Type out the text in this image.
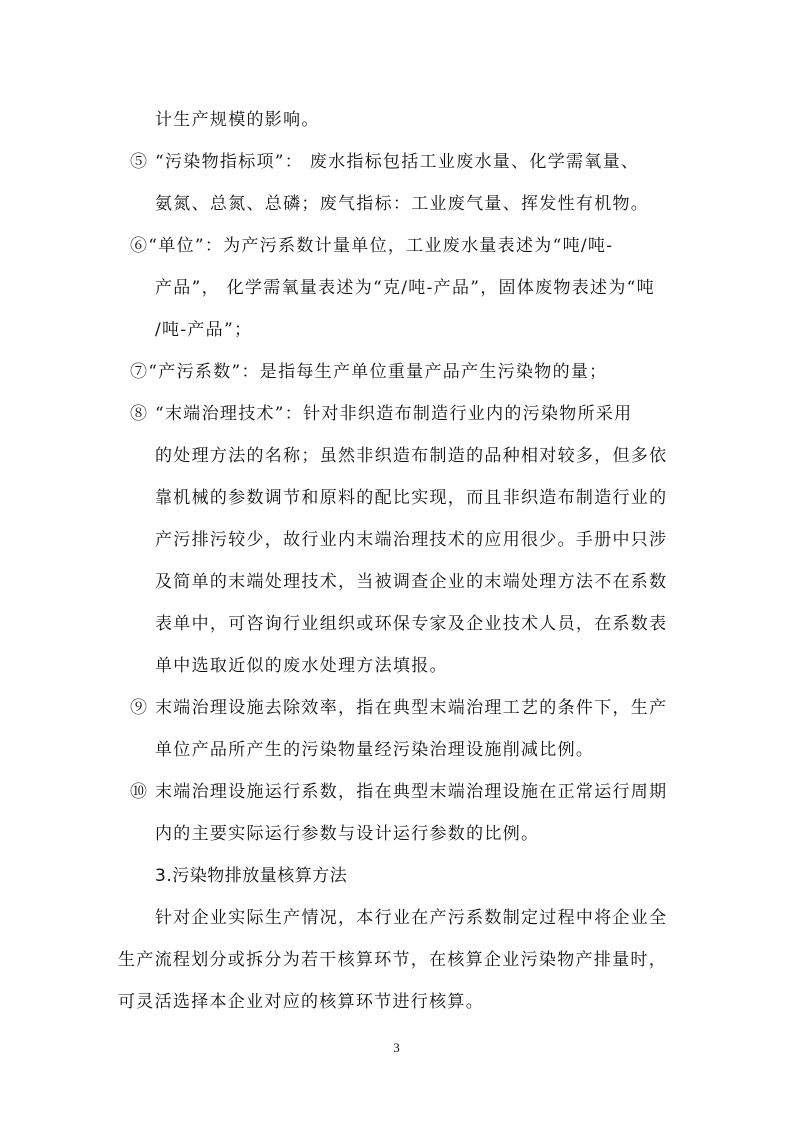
计生产规模的影响。
⑤ “污染物指标项”： 废水指标包括工业废水量、化学需氧量、
氨氮、总氮、总磷；废气指标：工业废气量、挥发性有机物。
⑥“单位”：为产污系数计量单位，工业废水量表述为“吨/吨-
产品”， 化学需氧量表述为“克/吨-产品”，固体废物表述为“吨
/吨-产品”；
⑦“产污系数”：是指每生产单位重量产品产生污染物的量；
⑧ “末端治理技术”：针对非织造布制造行业内的污染物所采用
的处理方法的名称；虽然非织造布制造的品种相对较多，但多依
靠机械的参数调节和原料的配比实现，而且非织造布制造行业的
产污排污较少，故行业内末端治理技术的应用很少。手册中只涉
及简单的末端处理技术，当被调查企业的末端处理方法不在系数
表单中，可咨询行业组织或环保专家及企业技术人员，在系数表
单中选取近似的废水处理方法填报。
⑨ 末端治理设施去除效率，指在典型末端治理工艺的条件下，生产
单位产品所产生的污染物量经污染治理设施削减比例。
⑩ 末端治理设施运行系数，指在典型末端治理设施在正常运行周期
内的主要实际运行参数与设计运行参数的比例。
3.污染物排放量核算方法
针对企业实际生产情况，本行业在产污系数制定过程中将企业全
生产流程划分或拆分为若干核算环节，在核算企业污染物产排量时，
可灵活选择本企业对应的核算环节进行核算。
3
